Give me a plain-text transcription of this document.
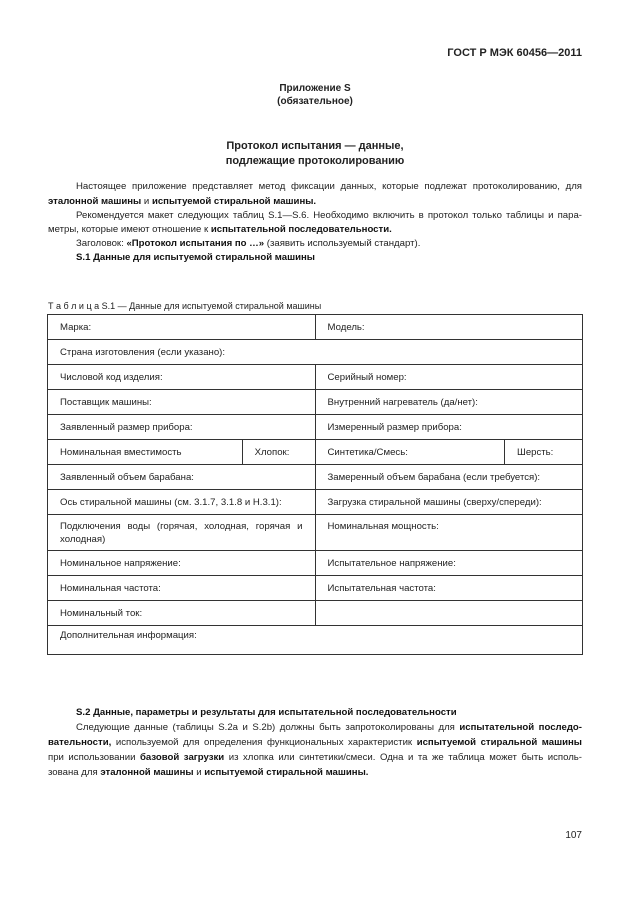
ГОСТ Р МЭК 60456—2011
Приложение S
(обязательное)
Протокол испытания — данные,
подлежащие протоколированию
Настоящее приложение представляет метод фиксации данных, которые подлежат протоколированию, для
эталонной машины и испытуемой стиральной машины.
Рекомендуется макет следующих таблиц S.1—S.6. Необходимо включить в протокол только таблицы и пара-
метры, которые имеют отношение к испытательной последовательности.
Заголовок: «Протокол испытания по …» (заявить используемый стандарт).
S.1 Данные для испытуемой стиральной машины
Т а б л и ц а S.1 — Данные для испытуемой стиральной машины
Марка:		Модель:	
Страна изготовления (если указано):			
Числовой код изделия:		Серийный номер:	
Поставщик машины:		Внутренний нагреватель (да/нет):	
Заявленный размер прибора:		Измеренный размер прибора:	
Номинальная вместимость	Хлопок:	Синтетика/Смесь:	Шерсть:
Заявленный объем барабана:		Замеренный объем барабана (если требуется):	
Ось стиральной машины (см. 3.1.7, 3.1.8 и H.3.1):		Загрузка стиральной машины (сверху/спереди):	
Подключения воды (горячая, холодная, горячая и холодная)		Номинальная мощность:	
Номинальное напряжение:		Испытательное напряжение:	
Номинальная частота:		Испытательная частота:	
Номинальный ток:			
Дополнительная информация:			
S.2 Данные, параметры и результаты для испытательной последовательности
Следующие данные (таблицы S.2a и S.2b) должны быть запротоколированы для испытательной последо-
вательности, используемой для определения функциональных характеристик испытуемой стиральной машины
при использовании базовой загрузки из хлопка или синтетики/смеси. Одна и та же таблица может быть исполь-
зована для эталонной машины и испытуемой стиральной машины.
107
